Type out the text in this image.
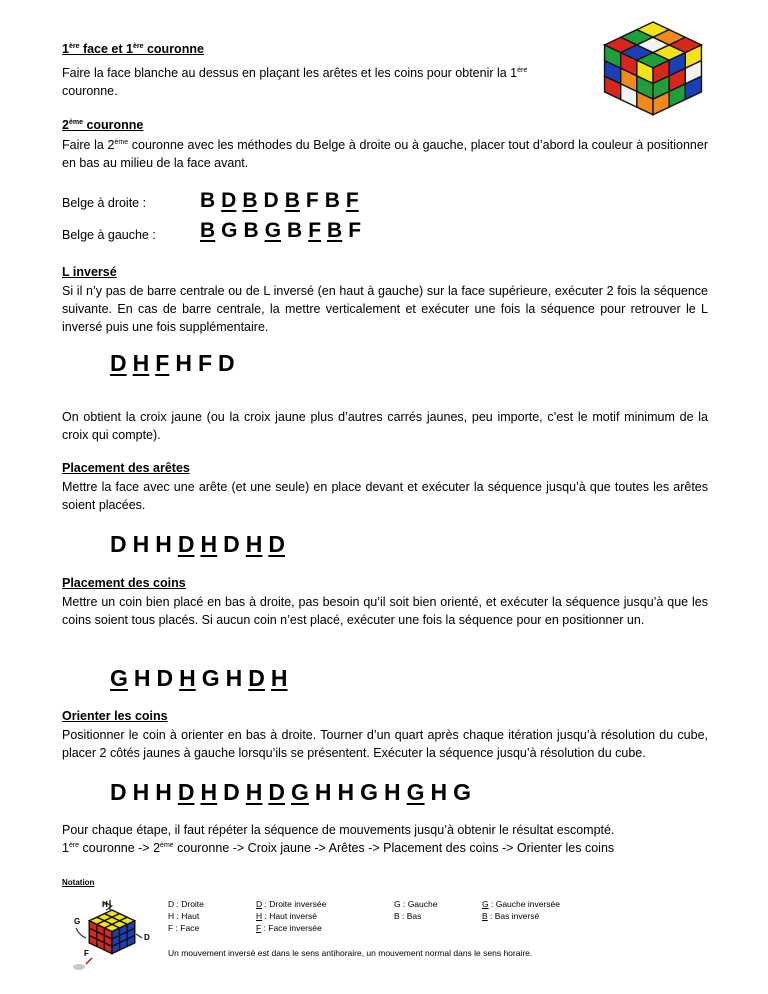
1ère face et 1ère couronne
Faire la face blanche au dessus en plaçant les arêtes et les coins pour obtenir la 1ère
couronne.
2ème couronne
Faire la 2ème couronne avec les méthodes du Belge à droite ou à gauche, placer tout d’abord la couleur à positionner en bas au milieu de la face avant.
Belge à droite :	B D B D B F B F
Belge à gauche : B G B G B F B F
L inversé
Si il n’y pas de barre centrale ou de L inversé (en haut à gauche) sur la face supérieure, exécuter 2 fois la séquence suivante. En cas de barre centrale, la mettre verticalement et exécuter une fois la séquence pour retrouver le L inversé puis une fois supplémentaire.
D H F H F D
On obtient la croix jaune (ou la croix jaune plus d’autres carrés jaunes, peu importe, c’est le motif minimum de la croix qui compte).
Placement des arêtes
Mettre la face avec une arête (et une seule) en place devant et exécuter la séquence jusqu’à que toutes les arêtes soient placées.
D H H D H D H D
Placement des coins
Mettre un coin bien placé en bas à droite, pas besoin qu’il soit bien orienté, et exécuter la séquence jusqu’à que les coins soient tous placés. Si aucun coin n’est placé, exécuter une fois la séquence pour en positionner un.
G H D H G H D H
Orienter les coins
Positionner le coin à orienter en bas à droite. Tourner d’un quart après chaque itération jusqu’à résolution du cube, placer 2 côtés jaunes à gauche lorsqu’ils se présentent. Exécuter la séquence jusqu’à résolution du cube.
D H H D H D H D G H H G H G H G
Pour chaque étape, il faut répéter la séquence de mouvements jusqu’à obtenir le résultat escompté.
1ère couronne -> 2ème couronne -> Croix jaune -> Arêtes -> Placement des coins -> Orienter les coins
Notation
H
G
D
F
D : Droite
H : Haut
F : Face
D : Droite inversée
H : Haut inversé
F : Face inversée
G : Gauche
B : Bas
G : Gauche inversée
B : Bas inversé
Un mouvement inversé est dans le sens antihoraire, un mouvement normal dans le sens horaire.
